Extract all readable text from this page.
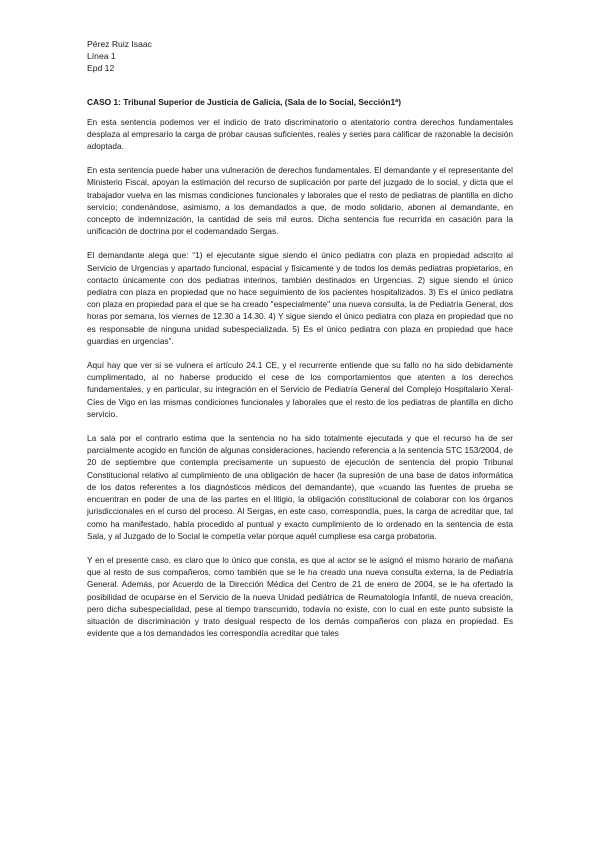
Pérez Ruiz Isaac

Línea 1

Epd 12

CASO 1: Tribunal Superior de Justicia de Galicia, (Sala de lo Social, Sección1ª)

En esta sentencia podemos ver el indicio de trato discriminatorio o atentatorio contra derechos fundamentales desplaza al empresario la carga de probar causas suficientes, reales y series para calificar de razonable la decisión adoptada.

En esta sentencia puede haber una vulneración de derechos fundamentales. El demandante y el representante del Ministerio Fiscal, apoyan la estimación del recurso de suplicación por parte del juzgado de lo social, y dicta que el trabajador vuelva en las mismas condiciones funcionales y laborales que el resto de pediatras de plantilla en dicho servicio; condenándose, asimismo, a los demandados a que, de modo solidario, abonen al demandante, en concepto de indemnización, la cantidad de seis mil euros. Dicha sentencia fue recurrida en casación para la unificación de doctrina por el codemandado Sergas.

El demandante alega que: “1) el ejecutante sigue siendo el único pediatra con plaza en propiedad adscrito al Servicio de Urgencias y apartado funcional, espacial y físicamente y de todos los demás pediatras propietarios, en contacto únicamente con dos pediatras interinos, también destinados en Urgencias. 2) sigue siendo el único pediatra con plaza en propiedad que no hace seguimiento de los pacientes hospitalizados. 3) Es el único pediatra con plaza en propiedad para el que se ha creado "especialmente" una nueva consulta, la de Pediatría General, dos horas por semana, los viernes de 12.30 a 14.30. 4) Y sigue siendo el único pediatra con plaza en propiedad que no es responsable de ninguna unidad subespecializada. 5) Es el único pediatra con plaza en propiedad que hace guardias en urgencias”.

Aquí hay que ver si se vulnera el artículo 24.1 CE, y el recurrente entiende que su fallo no ha sido debidamente cumplimentado, al no haberse producido el cese de los comportamientos que atenten a los derechos fundamentales, y en particular, su integración en el Servicio de Pediatría General del Complejo Hospitalario Xeral-Cíes de Vigo en las mismas condiciones funcionales y laborales que el resto de los pediatras de plantilla en dicho servicio.

La sala por el contrario estima que la sentencia no ha sido totalmente ejecutada y que el recurso ha de ser parcialmente acogido en función de algunas consideraciones, haciendo referencia a la sentencia STC 153/2004, de 20 de septiembre que contempla precisamente un supuesto de ejecución de sentencia del propio Tribunal Constitucional relativo al cumplimiento de una obligación de hacer (la supresión de una base de datos informática de los datos referentes a los diagnósticos médicos del demandante), que «cuando las fuentes de prueba se encuentran en poder de una de las partes en el litigio, la obligación constitucional de colaborar con los órganos jurisdiccionales en el curso del proceso. Al Sergas, en este caso, correspondía, pues, la carga de acreditar que, tal como ha manifestado, había procedido al puntual y exacto cumplimiento de lo ordenado en la sentencia de esta Sala, y al Juzgado de lo Social le competía velar porque aquél cumpliese esa carga probatoria.

Y en el presente caso, es claro que lo único que consta, es que al actor se le asignó el mismo horario de mañana que al resto de sus compañeros, como también que se le ha creado una nueva consulta externa, la de Pediatría General. Además, por Acuerdo de la Dirección Médica del Centro de 21 de enero de 2004, se le ha ofertado la posibilidad de ocuparse en el Servicio de la nueva Unidad pediátrica de Reumatología Infantil, de nueva creación, pero dicha subespecialidad, pese al tiempo transcurrido, todavía no existe, con lo cual en este punto subsiste la situación de discriminación y trato desigual respecto de los demás compañeros con plaza en propiedad. Es evidente que a los demandados les correspondía acreditar que tales
